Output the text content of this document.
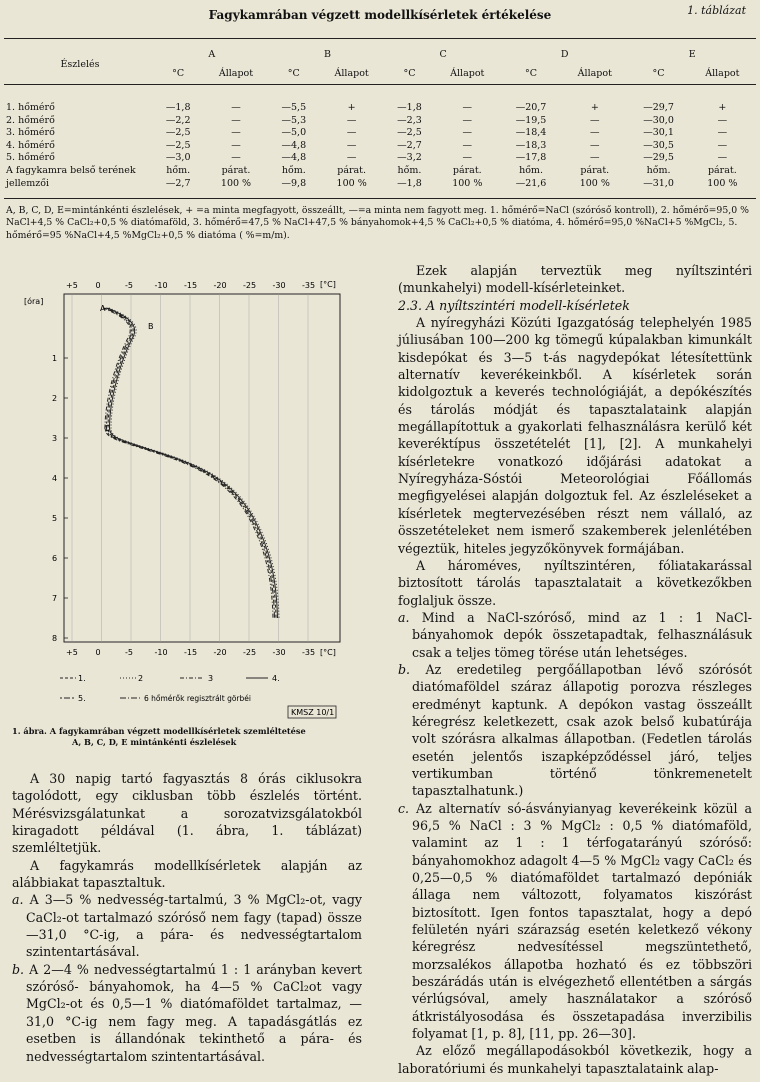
1. táblázat
Fagykamrában végzett modellkísérletek értékelése
Észlelés	A		B		C		D		E	
	°C	Állapot	°C	Állapot	°C	Állapot	°C	Állapot	°C	Állapot

1. hőmérő	—1,8	—	—5,5	+	—1,8	—	—20,7	+	—29,7	+
2. hőmérő	—2,2	—	—5,3	—	—2,3	—	—19,5	—	—30,0	—
3. hőmérő	—2,5	—	—5,0	—	—2,5	—	—18,4	—	—30,1	—
4. hőmérő	—2,5	—	—4,8	—	—2,7	—	—18,3	—	—30,5	—
5. hőmérő	—3,0	—	—4,8	—	—3,2	—	—17,8	—	—29,5	—
A fagykamra belső terének	hőm.	párat.	hőm.	párat.	hőm.	párat.	hőm.	párat.	hőm.	párat.
jellemzői	—2,7	100 %	—9,8	100 %	—1,8	100 %	—21,6	100 %	—31,0	100 %
A, B, C, D, E=mintánkénti észlelések, + =a minta megfagyott, összeállt, —=a minta nem fagyott meg. 1. hőmérő=NaCl (szóróső kontroll), 2. hőmérő=95,0 % NaCl+4,5 % CaCl₂+0,5 % diatómaföld, 3. hőmérő=47,5 % NaCl+47,5 % bányahomok+4,5 % CaCl₂+0,5 % diatóma, 4. hőmérő=95,0 %NaCl+5 %MgCl₂, 5. hőmérő=95 %NaCl+4,5 %MgCl₂+0,5 % diatóma ( %=m/m).
+5 0	-5	-10 -15 -20 -25 -30 -35
+5 0	-5	-10 -15 -20 -25 -30 -35
1
2
3
4
5
6
7
8
[°C]
[°C]
[óra]
A
B
C
1.	2	3	4.
5.	6 hőmérők regisztrált görbéi
KMSZ 10/1
1. ábra. A fagykamrában végzett modellkísérletek szemléltetése
A, B, C, D, E mintánkénti észlelések

A 30 napig tartó fagyasztás 8 órás ciklusokra tagolódott, egy ciklusban több észlelés történt. Mérésvizsgálatunkat a sorozatvizsgálatokból kiragadott példával (1. ábra, 1. táblázat) szemléltetjük.

A fagykamrás modellkísérletek alapján az alábbiakat tapasztaltuk.

a. A 3—5 % nedvesség-tartalmú, 3 % MgCl₂-ot, vagy CaCl₂-ot tartalmazó szóróső nem fagy (tapad) össze —31,0 °C-ig, a pára- és nedvességtartalom szintentartásával.

b. A 2—4 % nedvességtartalmú 1 : 1 arányban kevert szóróső- bányahomok, ha 4—5 % CaCl₂ot vagy MgCl₂-ot és 0,5—1 % diatómaföldet tartalmaz, —31,0 °C-ig nem fagy meg. A tapadásgátlás ez esetben is állandónak tekinthető a pára- és nedvességtartalom szintentartásával.

Ezek alapján terveztük meg nyíltszintéri (munkahelyi) modell-kísérleteinket.

2.3. A nyíltszintéri modell-kísérletek

A nyíregyházi Közúti Igazgatóság telephelyén 1985 júliusában 100—200 kg tömegű kúpalakban kimunkált kisdepókat és 3—5 t-ás nagydepókat létesítettünk alternatív keverékeinkből. A kísérletek során kidolgoztuk a keverés technológiáját, a depókészítés és tárolás módját és tapasztalataink alapján megállapítottuk a gyakorlati felhasználásra kerülő két keveréktípus összetételét [1], [2]. A munkahelyi kísérletekre vonatkozó időjárási adatokat a Nyíregyháza-Sóstói Meteorológiai Főállomás megfigyelései alapján dolgoztuk fel. Az észleléseket a kísérletek megtervezésében részt nem vállaló, az összetételeket nem ismerő szakemberek jelenlétében végeztük, hiteles jegyzőkönyvek formájában.

A hároméves, nyíltszintéren, fóliatakarással biztosított tárolás tapasztalatait a következőkben foglaljuk össze.

a. Mind a NaCl-szóróső, mind az 1 : 1 NaCl-bányahomok depók összetapadtak, felhasználásuk csak a teljes tömeg törése után lehetséges.

b. Az eredetileg pergőállapotban lévő szórósót diatómaföldel száraz állapotig porozva részleges eredményt kaptunk. A depókon vastag összeállt kéregrész keletkezett, csak azok belső kubatúrája volt szórásra alkalmas állapotban. (Fedetlen tárolás esetén jelentős iszapképződéssel járó, teljes vertikumban történő tönkremenetelt tapasztalhatunk.)

c. Az alternatív só-ásványianyag keverékeink közül a 96,5 % NaCl : 3 % MgCl₂ : 0,5 % diatómaföld, valamint az 1 : 1 térfogatarányú szóróső: bányahomokhoz adagolt 4—5 % MgCl₂ vagy CaCl₂ és 0,25—0,5 % diatómaföldet tartalmazó depóniák állaga nem változott, folyamatos kiszórást biztosított. Igen fontos tapasztalat, hogy a depó felületén nyári szárazság esetén keletkező vékony kéregrész nedvesítéssel megszüntethető, morzsalékos állapotba hozható és ez többszöri beszárádás után is elvégezhető ellentétben a sárgás vérlúgsóval, amely használatakor a szóróső átkristályosodása és összetapadása inverzibilis folyamat [1, p. 8], [11, pp. 26—30].

Az előző megállapodásokból következik, hogy a laboratóriumi és munkahelyi tapasztalataink alap-
